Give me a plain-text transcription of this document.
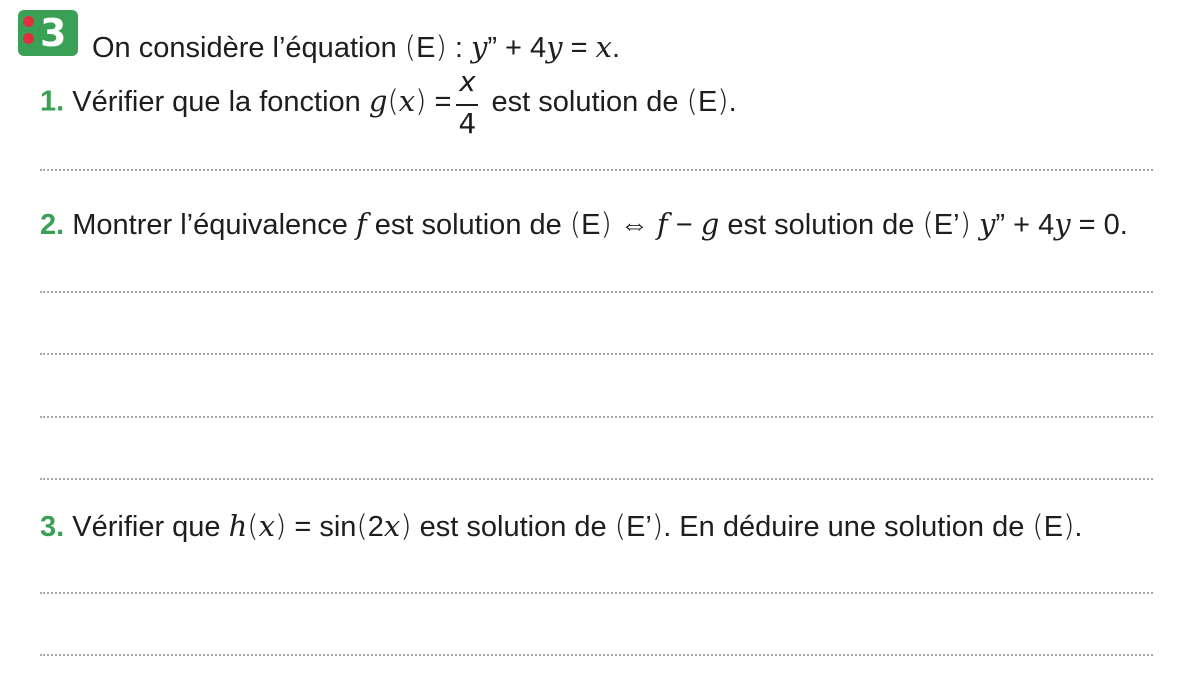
3 On considère l’équation (E) : y” + 4y = x.
1. Vérifier que la fonction $g(x) = \frac{x}{4}$ est solution de (E).
2. Montrer l’équivalence f est solution de (E) ⇔ f − g est solution de (E’) y” + 4y = 0.
3. Vérifier que h(x) = sin(2x) est solution de (E’). En déduire une solution de (E).
